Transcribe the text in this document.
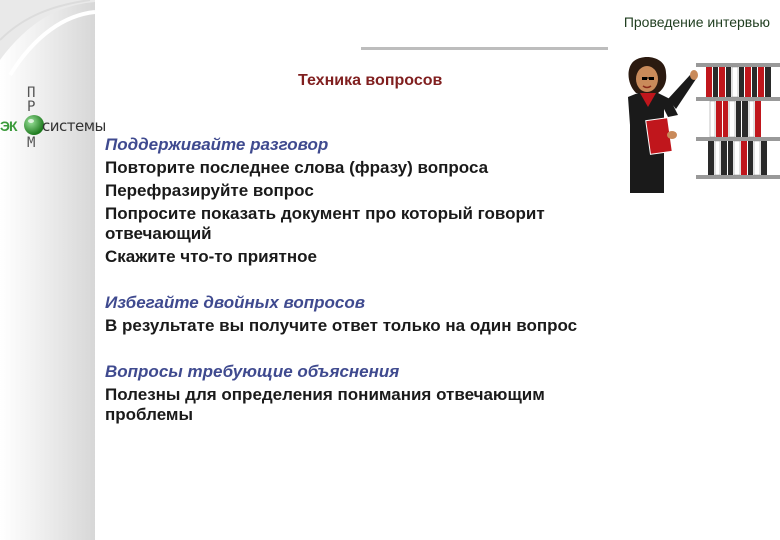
П
Р
М
ЭК системы
Проведение интервью
Техника вопросов
Поддерживайте разговор
Повторите последнее слова (фразу) вопроса
Перефразируйте вопрос
Попросите показать документ про который говорит отвечающий
Скажите что-то приятное
Избегайте двойных вопросов
В результате вы получите ответ только на один вопрос
Вопросы требующие объяснения
Полезны для определения понимания отвечающим проблемы
